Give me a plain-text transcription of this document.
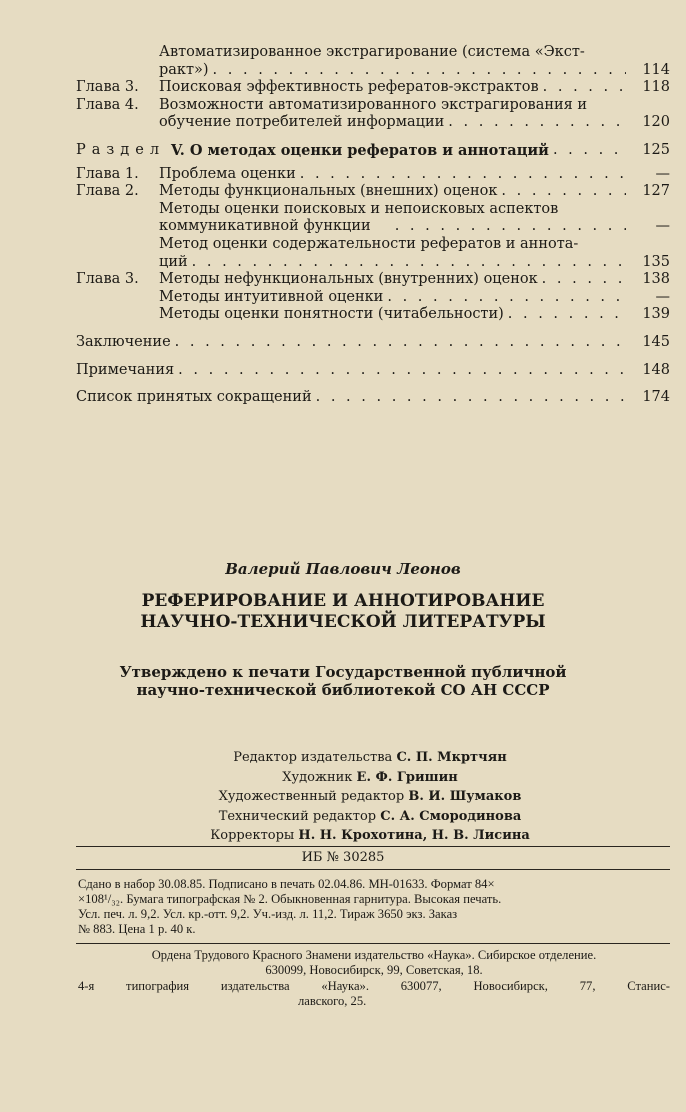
Автоматизированное экстрагирование (система «Экст-
ракт») . . .	114
Глава 3. Поисковая эффективность рефератов-экстрактов . . .	118
Глава 4. Возможности автоматизированного экстрагирования и
обучение потребителей информации . . .	120
Раздел V. О методах оценки рефератов и аннотаций . . .	125
Глава 1. Проблема оценки . . .	—
Глава 2. Методы функциональных (внешних) оценок . . .	127
Методы оценки поисковых и непоисковых аспектов
коммуникативной функции . . .	—
Метод оценки содержательности рефератов и аннота-
ций . . .	135
Глава 3. Методы нефункциональных (внутренних) оценок . . .	138
Методы интуитивной оценки . . .	—
Методы оценки понятности (читабельности) . . .	139
Заключение . . .	145
Примечания . . .	148
Список принятых сокращений . . .	174
Валерий Павлович Леонов
РЕФЕРИРОВАНИЕ И АННОТИРОВАНИЕ
НАУЧНО-ТЕХНИЧЕСКОЙ ЛИТЕРАТУРЫ
Утверждено к печати Государственной публичной
научно-технической библиотекой СО АН СССР
Редактор издательства С. П. Мкртчян
Художник Е. Ф. Гришин
Художественный редактор В. И. Шумаков
Технический редактор С. А. Смородинова
Корректоры Н. Н. Крохотина, Н. В. Лисина
ИБ № 30285
Сдано в набор 30.08.85. Подписано в печать 02.04.86. МН-01633. Формат 84×
×108¹/₃₂. Бумага типографская № 2. Обыкновенная гарнитура. Высокая печать.
Усл. печ. л. 9,2. Усл. кр.-отт. 9,2. Уч.-изд. л. 11,2. Тираж 3650 экз. Заказ
№ 883. Цена 1 р. 40 к.
Ордена Трудового Красного Знамени издательство «Наука». Сибирское отделение.
630099, Новосибирск, 99, Советская, 18.
4-я типография издательства «Наука». 630077, Новосибирск, 77, Станис-
лавского, 25.
